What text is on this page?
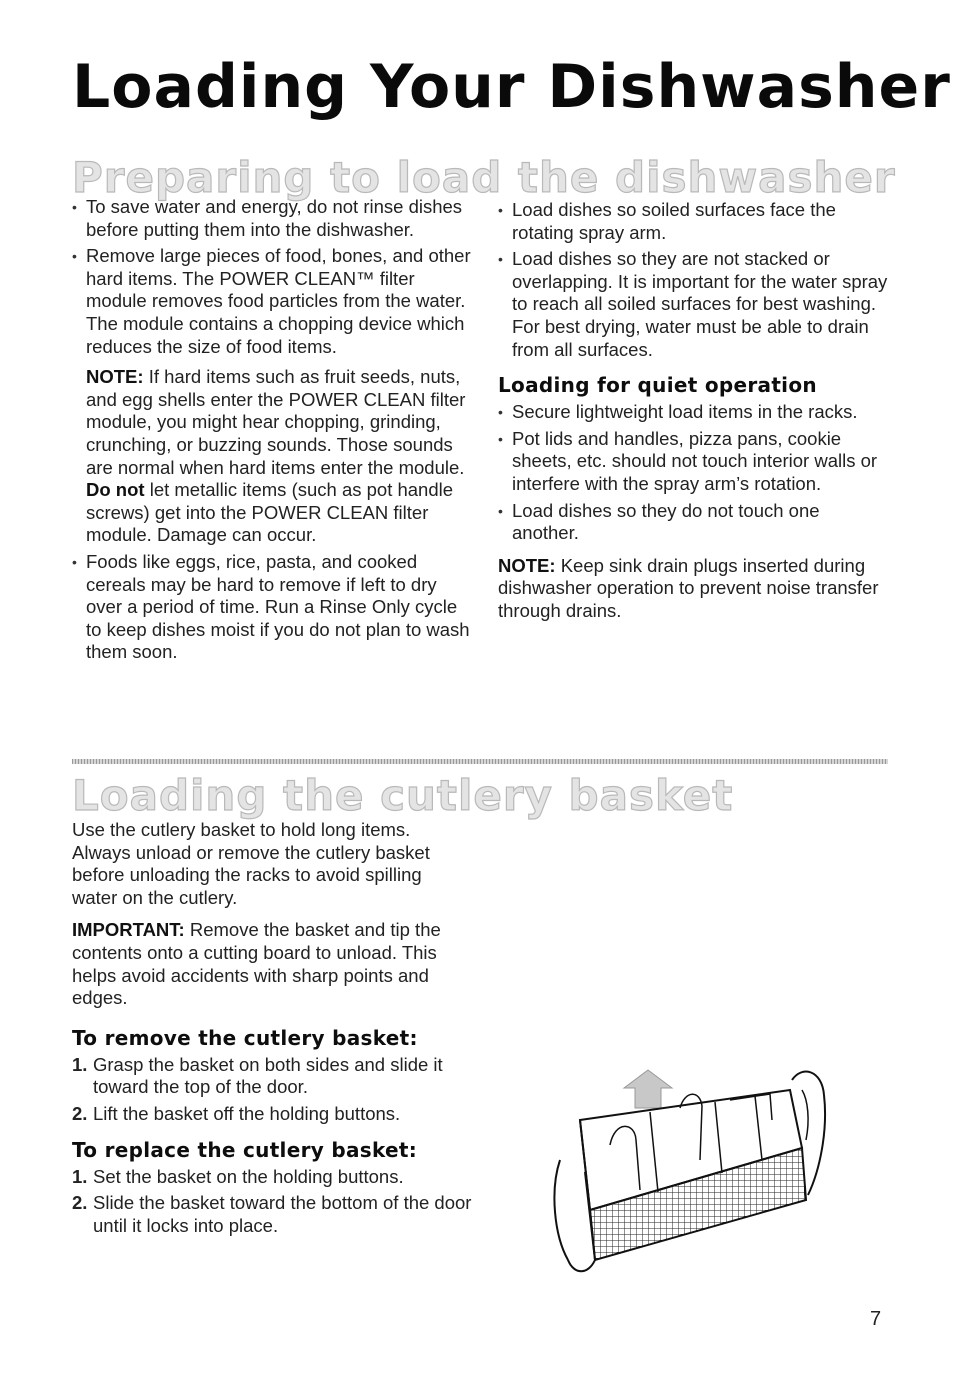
Loading Your Dishwasher
Preparing to load the dishwasher
• To save water and energy, do not rinse dishes before putting them into the dishwasher.
• Remove large pieces of food, bones, and other hard items. The POWER CLEAN™ filter module removes food particles from the water. The module contains a chopping device which reduces the size of food items.

NOTE: If hard items such as fruit seeds, nuts, and egg shells enter the POWER CLEAN filter module, you might hear chopping, grinding, crunching, or buzzing sounds. Those sounds are normal when hard items enter the module. Do not let metallic items (such as pot handle screws) get into the POWER CLEAN filter module. Damage can occur.

• Foods like eggs, rice, pasta, and cooked cereals may be hard to remove if left to dry over a period of time. Run a Rinse Only cycle to keep dishes moist if you do not plan to wash them soon.
• Load dishes so soiled surfaces face the rotating spray arm.
• Load dishes so they are not stacked or overlapping. It is important for the water spray to reach all soiled surfaces for best washing. For best drying, water must be able to drain from all surfaces.

Loading for quiet operation

• Secure lightweight load items in the racks.
• Pot lids and handles, pizza pans, cookie sheets, etc. should not touch interior walls or interfere with the spray arm’s rotation.
• Load dishes so they do not touch one another.

NOTE: Keep sink drain plugs inserted during dishwasher operation to prevent noise transfer through drains.

Loading the cutlery basket

Use the cutlery basket to hold long items. Always unload or remove the cutlery basket before unloading the racks to avoid spilling water on the cutlery.

IMPORTANT: Remove the basket and tip the contents onto a cutting board to unload. This helps avoid accidents with sharp points and edges.

To remove the cutlery basket:

1. Grasp the basket on both sides and slide it toward the top of the door.
2. Lift the basket off the holding buttons.

To replace the cutlery basket:

1. Set the basket on the holding buttons.
2. Slide the basket toward the bottom of the door until it locks into place.
7
